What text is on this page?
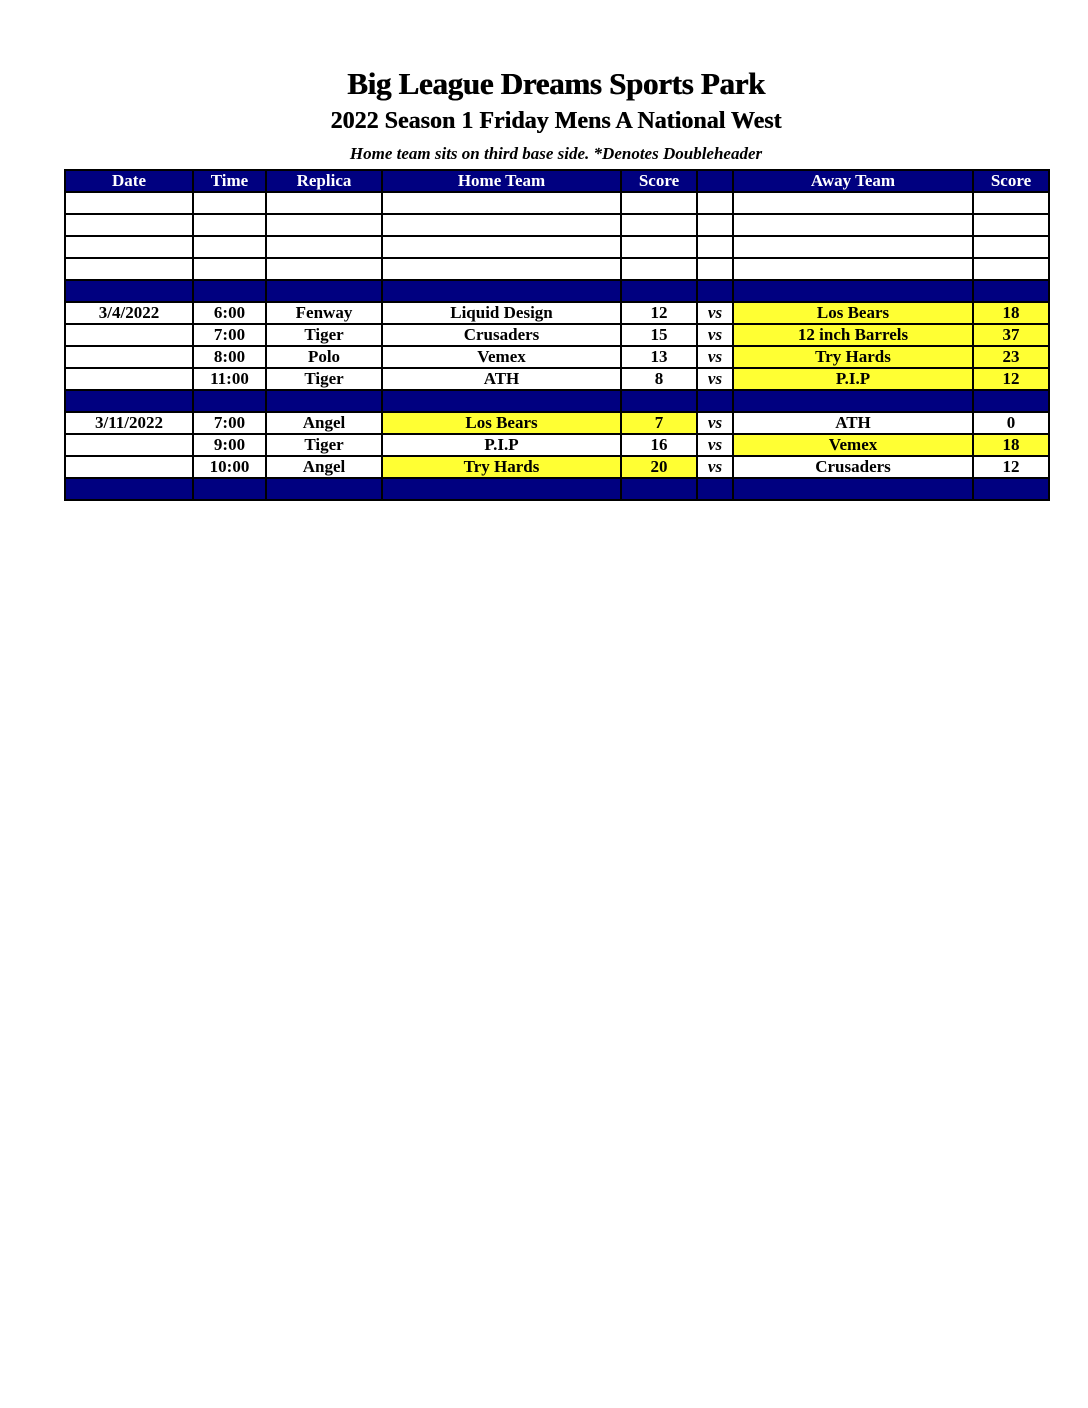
Big League Dreams Sports Park
2022 Season 1 Friday Mens A National West
Home team sits on third base side. *Denotes Doubleheader
Date	Time	Replica	Home Team	Score		Away Team	Score

3/4/2022	6:00	Fenway	Liquid Design	12	vs	Los Bears	18
	7:00	Tiger	Crusaders	15	vs	12 inch Barrels	37
	8:00	Polo	Vemex	13	vs	Try Hards	23
	11:00	Tiger	ATH	8	vs	P.I.P	12

3/11/2022	7:00	Angel	Los Bears	7	vs	ATH	0
	9:00	Tiger	P.I.P	16	vs	Vemex	18
	10:00	Angel	Try Hards	20	vs	Crusaders	12
